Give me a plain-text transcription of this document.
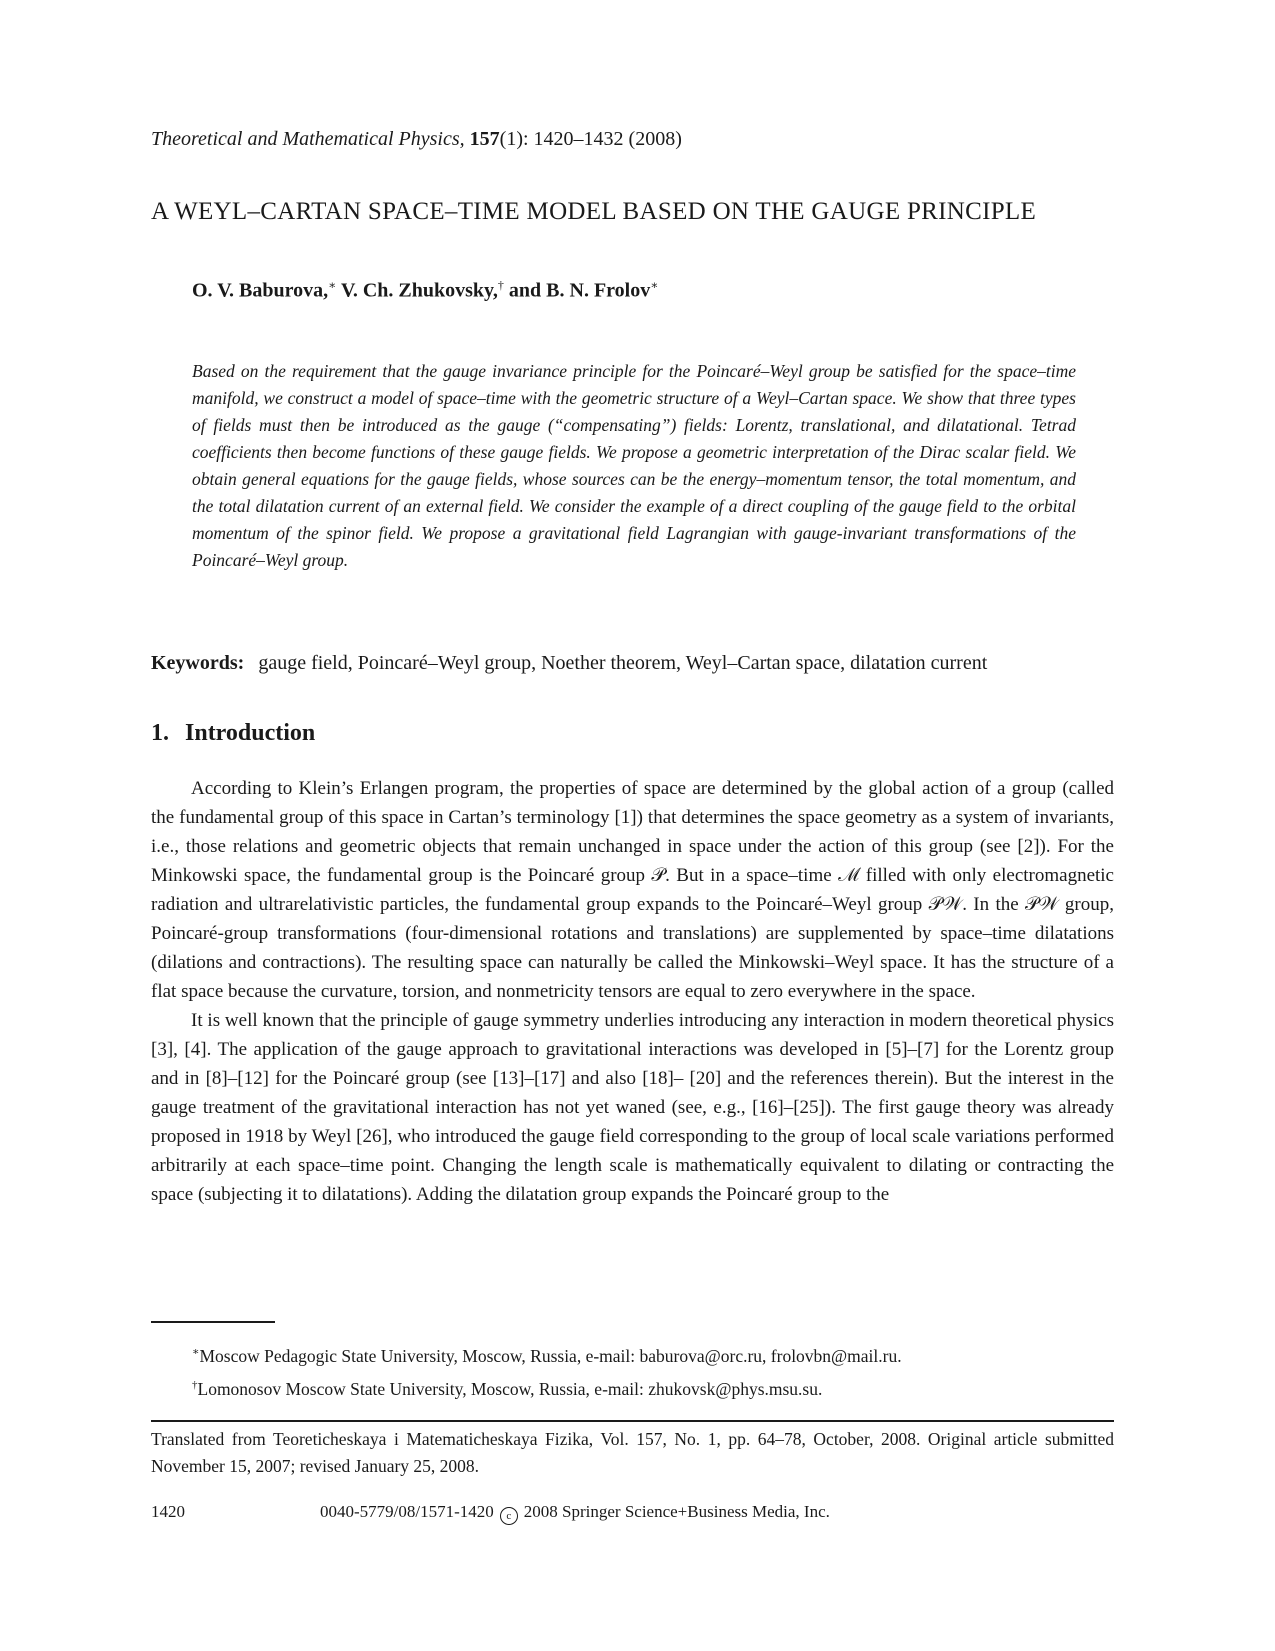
Theoretical and Mathematical Physics, 157(1): 1420–1432 (2008)
A WEYL–CARTAN SPACE–TIME MODEL BASED ON THE GAUGE PRINCIPLE
O. V. Baburova,∗ V. Ch. Zhukovsky,† and B. N. Frolov∗
Based on the requirement that the gauge invariance principle for the Poincaré–Weyl group be satisfied for the space–time manifold, we construct a model of space–time with the geometric structure of a Weyl–Cartan space. We show that three types of fields must then be introduced as the gauge (“compensating”) fields: Lorentz, translational, and dilatational. Tetrad coefficients then become functions of these gauge fields. We propose a geometric interpretation of the Dirac scalar field. We obtain general equations for the gauge fields, whose sources can be the energy–momentum tensor, the total momentum, and the total dilatation current of an external field. We consider the example of a direct coupling of the gauge field to the orbital momentum of the spinor field. We propose a gravitational field Lagrangian with gauge-invariant transformations of the Poincaré–Weyl group.
Keywords: gauge field, Poincaré–Weyl group, Noether theorem, Weyl–Cartan space, dilatation current
1. Introduction

According to Klein’s Erlangen program, the properties of space are determined by the global action of a group (called the fundamental group of this space in Cartan’s terminology [1]) that determines the space geometry as a system of invariants, i.e., those relations and geometric objects that remain unchanged in space under the action of this group (see [2]). For the Minkowski space, the fundamental group is the Poincaré group 𝒫. But in a space–time ℳ filled with only electromagnetic radiation and ultrarelativistic particles, the fundamental group expands to the Poincaré–Weyl group 𝒫𝒲. In the 𝒫𝒲 group, Poincaré-group transformations (four-dimensional rotations and translations) are supplemented by space–time dilatations (dilations and contractions). The resulting space can naturally be called the Minkowski–Weyl space. It has the structure of a flat space because the curvature, torsion, and nonmetricity tensors are equal to zero everywhere in the space.

It is well known that the principle of gauge symmetry underlies introducing any interaction in modern theoretical physics [3], [4]. The application of the gauge approach to gravitational interactions was developed in [5]–[7] for the Lorentz group and in [8]–[12] for the Poincaré group (see [13]–[17] and also [18]– [20] and the references therein). But the interest in the gauge treatment of the gravitational interaction has not yet waned (see, e.g., [16]–[25]). The first gauge theory was already proposed in 1918 by Weyl [26], who introduced the gauge field corresponding to the group of local scale variations performed arbitrarily at each space–time point. Changing the length scale is mathematically equivalent to dilating or contracting the space (subjecting it to dilatations). Adding the dilatation group expands the Poincaré group to the

∗Moscow Pedagogic State University, Moscow, Russia, e-mail: baburova@orc.ru, frolovbn@mail.ru.
†Lomonosov Moscow State University, Moscow, Russia, e-mail: zhukovsk@phys.msu.su.
Translated from Teoreticheskaya i Matematicheskaya Fizika, Vol. 157, No. 1, pp. 64–78, October, 2008. Original article submitted November 15, 2007; revised January 25, 2008.
1420	0040-5779/08/1571-1420 c 2008 Springer Science+Business Media, Inc.
